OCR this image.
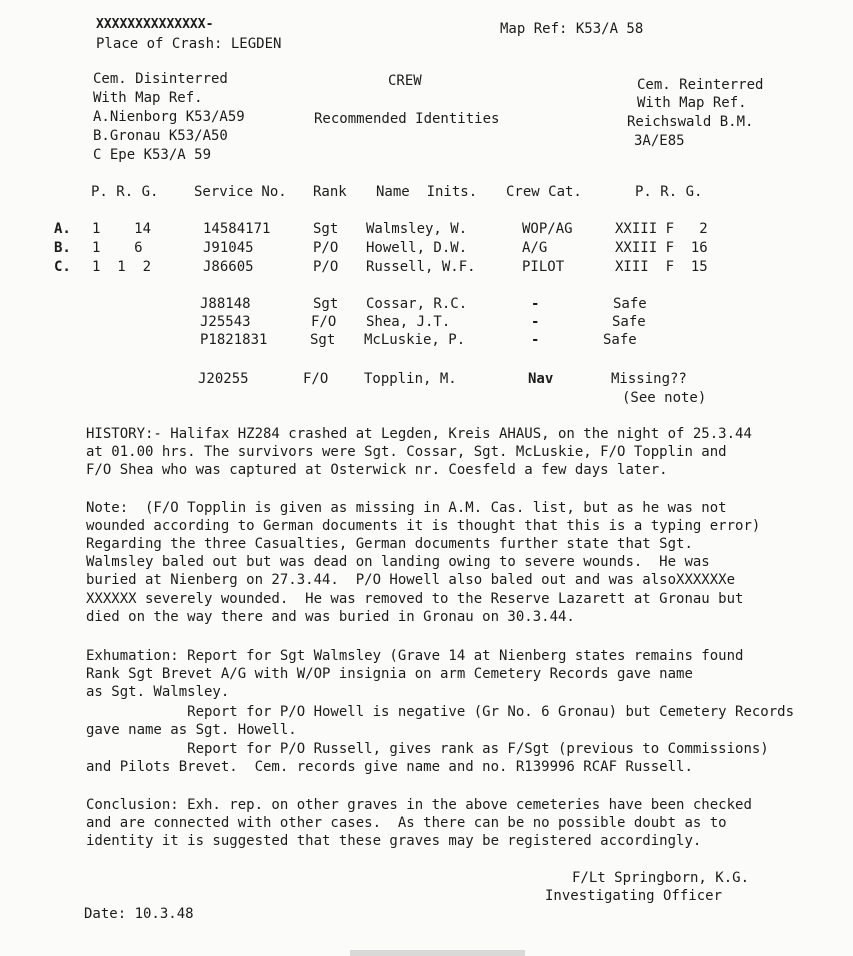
XXXXXXXXXXXXXX-
Place of Crash: LEGDEN
Map Ref: K53/A 58
Cem. Disinterred
With Map Ref.
A.Nienborg K53/A59
B.Gronau K53/A50
C Epe K53/A 59
CREW
Recommended Identities
Cem. Reinterred
With Map Ref.
Reichswald B.M.
3A/E85
P. R. G.	Service No. Rank Name  Inits. Crew Cat.	P. R. G.
A. 1    14	14584171	Sgt Walmsley, W.	WOP/AG	XXIII F   2
B. 1    6	J91045	P/O Howell, D.W.	A/G	XXIII F  16
C. 1  1  2	J86605	P/O Russell, W.F.	PILOT	XIII  F  15
J88148	Sgt Cossar, R.C.	-	Safe
J25543	F/O Shea, J.T.	-	Safe
P1821831	Sgt McLuskie, P.	-	Safe
J20255	F/O	Topplin, M.	Nav	Missing??
(See note)
HISTORY:- Halifax HZ284 crashed at Legden, Kreis AHAUS, on the night of 25.3.44
at 01.00 hrs. The survivors were Sgt. Cossar, Sgt. McLuskie, F/O Topplin and
F/O Shea who was captured at Osterwick nr. Coesfeld a few days later.
Note:  (F/O Topplin is given as missing in A.M. Cas. list, but as he was not
wounded according to German documents it is thought that this is a typing error)
Regarding the three Casualties, German documents further state that Sgt.
Walmsley baled out but was dead on landing owing to severe wounds.  He was
buried at Nienberg on 27.3.44.  P/O Howell also baled out and was alsoXXXXXXe
XXXXXX severely wounded.  He was removed to the Reserve Lazarett at Gronau but
died on the way there and was buried in Gronau on 30.3.44.
Exhumation: Report for Sgt Walmsley (Grave 14 at Nienberg states remains found
Rank Sgt Brevet A/G with W/OP insignia on arm Cemetery Records gave name
as Sgt. Walmsley.
Report for P/O Howell is negative (Gr No. 6 Gronau) but Cemetery Records
gave name as Sgt. Howell.
Report for P/O Russell, gives rank as F/Sgt (previous to Commissions)
and Pilots Brevet.  Cem. records give name and no. R139996 RCAF Russell.
Conclusion: Exh. rep. on other graves in the above cemeteries have been checked
and are connected with other cases.  As there can be no possible doubt as to
identity it is suggested that these graves may be registered accordingly.
F/Lt Springborn, K.G.
Investigating Officer
Date: 10.3.48
